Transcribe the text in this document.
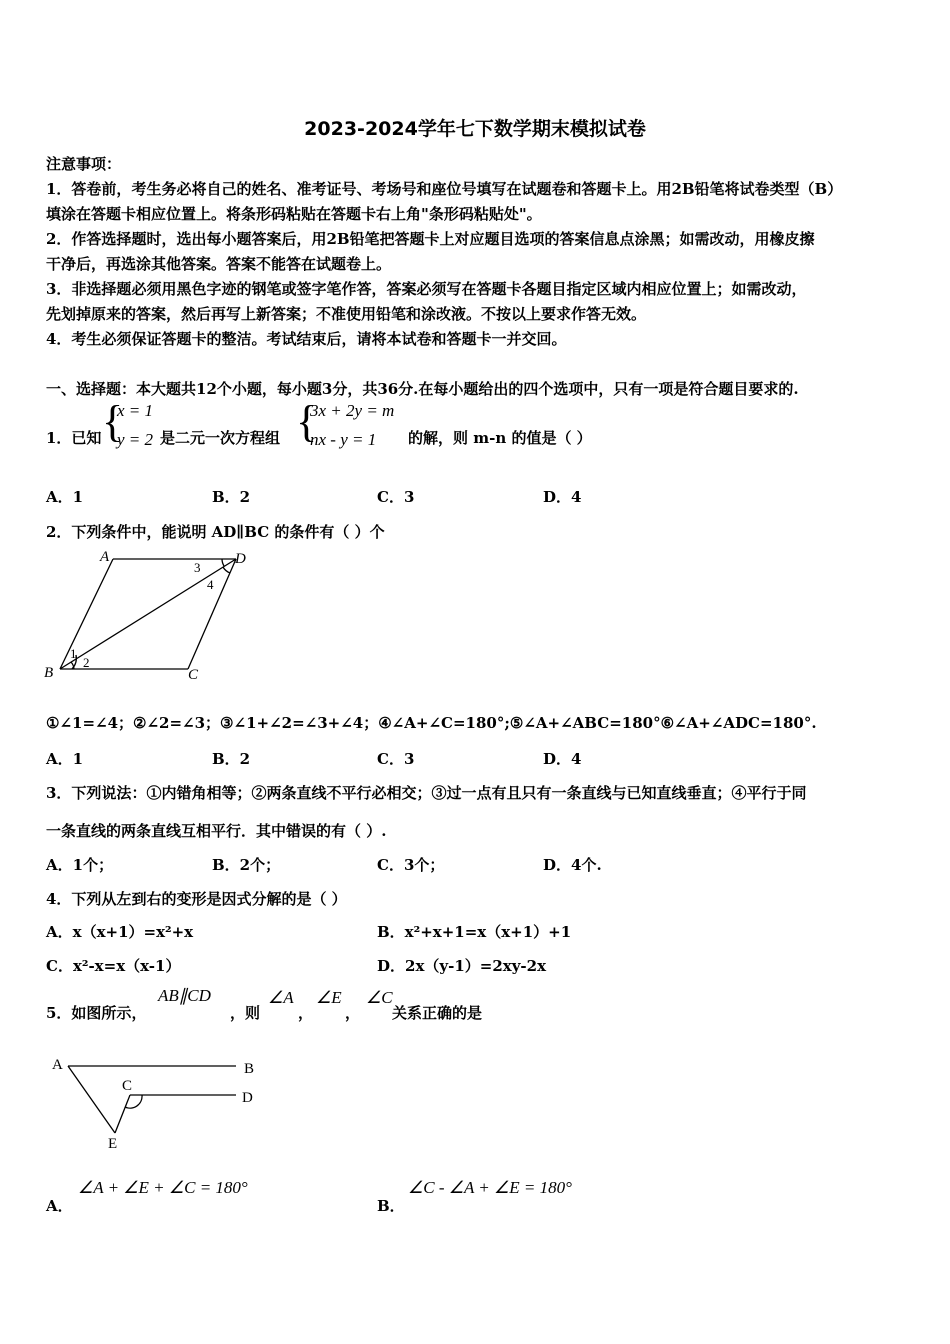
2023-2024学年七下数学期末模拟试卷
注意事项：
1．答卷前，考生务必将自己的姓名、准考证号、考场号和座位号填写在试题卷和答题卡上。用2B铅笔将试卷类型（B）
填涂在答题卡相应位置上。将条形码粘贴在答题卡右上角"条形码粘贴处"。
2．作答选择题时，选出每小题答案后，用2B铅笔把答题卡上对应题目选项的答案信息点涂黑；如需改动，用橡皮擦
干净后，再选涂其他答案。答案不能答在试题卷上。
3．非选择题必须用黑色字迹的钢笔或签字笔作答，答案必须写在答题卡各题目指定区域内相应位置上；如需改动，
先划掉原来的答案，然后再写上新答案；不准使用铅笔和涂改液。不按以上要求作答无效。
4．考生必须保证答题卡的整洁。考试结束后，请将本试卷和答题卡一并交回。
一、选择题：本大题共12个小题，每小题3分，共36分.在每小题给出的四个选项中，只有一项是符合题目要求的.
1．已知 {
x = 1
y = 2 是二元一次方程组 {
3x + 2y = m
nx - y = 1 的解，则 m-n 的值是（ ）
A．1	B．2	C．3	D．4
2．下列条件中，能说明 AD∥BC 的条件有（ ）个
A	D
B	C
1
2
3
4
①∠1=∠4；②∠2=∠3；③∠1+∠2=∠3+∠4；④∠A+∠C=180°;⑤∠A+∠ABC=180°⑥∠A+∠ADC=180°.
A．1	B．2	C．3	D．4
3．下列说法：①内错角相等；②两条直线不平行必相交；③过一点有且只有一条直线与已知直线垂直；④平行于同
一条直线的两条直线互相平行．其中错误的有（ ）.
A．1个；	B．2个；	C．3个；	D．4个.
4．下列从左到右的变形是因式分解的是（ ）
A．x（x+1）=x²+x	B．x²+x+1=x（x+1）+1
C．x²-x=x（x-1）	D．2x（y-1）=2xy-2x
5．如图所示，
AB∥CD
，则
∠A
，
∠E
，
∠C
关系正确的是
A	B
C
D
E
A．
∠A + ∠E + ∠C = 180°
B．
∠C - ∠A + ∠E = 180°
